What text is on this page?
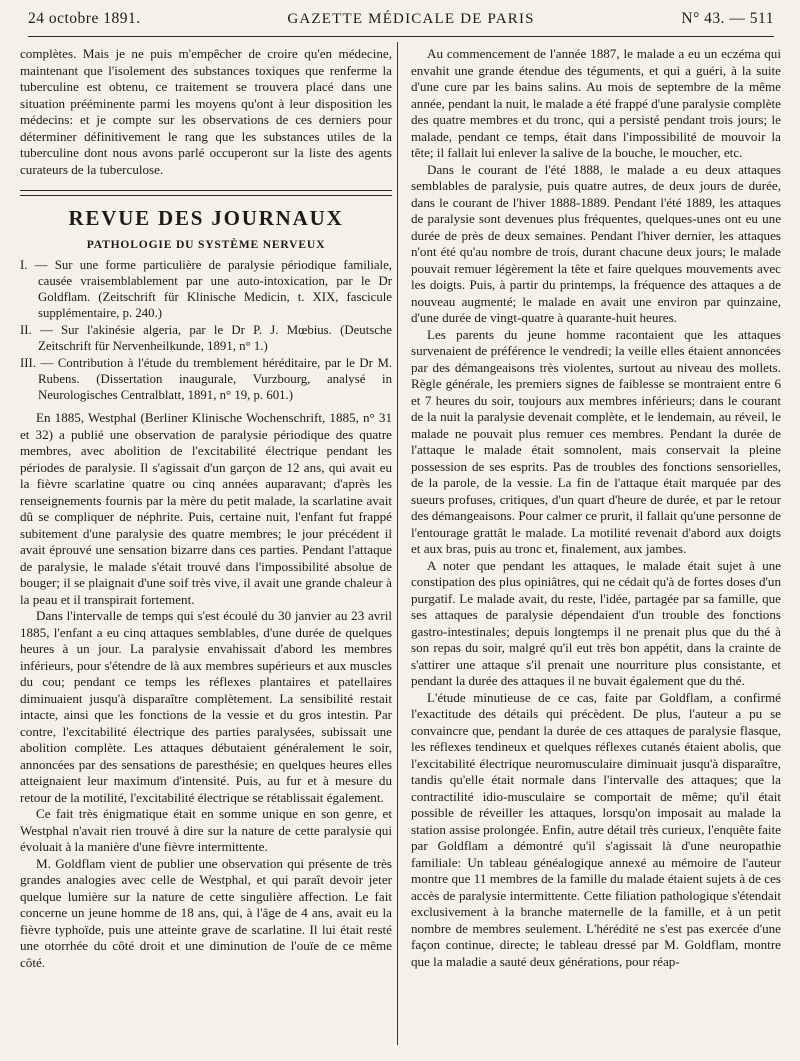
24 octobre 1891.	GAZETTE MÉDICALE DE PARIS	N° 43. — 511

complètes. Mais je ne puis m'empêcher de croire qu'en médecine, maintenant que l'isolement des substances toxiques que renferme la tuberculine est obtenu, ce traitement se trouvera placé dans une situation prééminente parmi les moyens qu'ont à leur disposition les médecins: et je compte sur les observations de ces derniers pour déterminer définitivement le rang que les substances utiles de la tuberculine dont nous avons parlé occuperont sur la liste des agents curateurs de la tuberculose.

REVUE DES JOURNAUX
PATHOLOGIE DU SYSTÈME NERVEUX
I. — Sur une forme particulière de paralysie périodique familiale, causée vraisemblablement par une auto-intoxication, par le Dr Goldflam. (Zeitschrift für Klinische Medicin, t. XIX, fascicule supplémentaire, p. 240.)
II. — Sur l'akinésie algeria, par le Dr P. J. Mœbius. (Deutsche Zeitschrift für Nervenheilkunde, 1891, n° 1.)
III. — Contribution à l'étude du tremblement héréditaire, par le Dr M. Rubens. (Dissertation inaugurale, Vurzbourg, analysé in Neurologisches Centralblatt, 1891, n° 19, p. 601.)

En 1885, Westphal (Berliner Klinische Wochenschrift, 1885, n° 31 et 32) a publié une observation de paralysie périodique des quatre membres, avec abolition de l'excitabilité électrique pendant les périodes de paralysie. Il s'agissait d'un garçon de 12 ans, qui avait eu la fièvre scarlatine quatre ou cinq années auparavant; d'après les renseignements fournis par la mère du petit malade, la scarlatine avait dû se compliquer de néphrite. Puis, certaine nuit, l'enfant fut frappé subitement d'une paralysie des quatre membres; le jour précédent il avait éprouvé une sensation bizarre dans ces parties. Pendant l'attaque de paralysie, le malade s'était trouvé dans l'impossibilité absolue de bouger; il se plaignait d'une soif très vive, il avait une grande chaleur à la peau et il transpirait fortement.

Dans l'intervalle de temps qui s'est écoulé du 30 janvier au 23 avril 1885, l'enfant a eu cinq attaques semblables, d'une durée de quelques heures à un jour. La paralysie envahissait d'abord les membres inférieurs, pour s'étendre de là aux membres supérieurs et aux muscles du cou; pendant ce temps les réflexes plantaires et patellaires diminuaient jusqu'à disparaître complètement. La sensibilité restait intacte, ainsi que les fonctions de la vessie et du gros intestin. Par contre, l'excitabilité électrique des parties paralysées, subissait une abolition complète. Les attaques débutaient généralement le soir, annoncées par des sensations de paresthésie; en quelques heures elles atteignaient leur maximum d'intensité. Puis, au fur et à mesure du retour de la motilité, l'excitabilité électrique se rétablissait également.

Ce fait très énigmatique était en somme unique en son genre, et Westphal n'avait rien trouvé à dire sur la nature de cette paralysie qui évoluait à la manière d'une fièvre intermittente.

M. Goldflam vient de publier une observation qui présente de très grandes analogies avec celle de Westphal, et qui paraît devoir jeter quelque lumière sur la nature de cette singulière affection. Le fait concerne un jeune homme de 18 ans, qui, à l'âge de 4 ans, avait eu la fièvre typhoïde, puis une atteinte grave de scarlatine. Il lui était resté une otorrhée du côté droit et une diminution de l'ouïe de ce même côté.

Au commencement de l'année 1887, le malade a eu un eczéma qui envahit une grande étendue des téguments, et qui a guéri, à la suite d'une cure par les bains salins. Au mois de septembre de la même année, pendant la nuit, le malade a été frappé d'une paralysie complète des quatre membres et du tronc, qui a persisté pendant trois jours; le malade, pendant ce temps, était dans l'impossibilité de mouvoir la tête; il fallait lui enlever la salive de la bouche, le moucher, etc.

Dans le courant de l'été 1888, le malade a eu deux attaques semblables de paralysie, puis quatre autres, de deux jours de durée, dans le courant de l'hiver 1888-1889. Pendant l'été 1889, les attaques de paralysie sont devenues plus fréquentes, quelques-unes ont eu une durée de près de deux semaines. Pendant l'hiver dernier, les attaques n'ont été qu'au nombre de trois, durant chacune deux jours; le malade pouvait remuer légèrement la tête et faire quelques mouvements avec les doigts. Puis, à partir du printemps, la fréquence des attaques a de nouveau augmenté; le malade en avait une environ par quinzaine, d'une durée de vingt-quatre à quarante-huit heures.

Les parents du jeune homme racontaient que les attaques survenaient de préférence le vendredi; la veille elles étaient annoncées par des démangeaisons très violentes, surtout au niveau des mollets. Règle générale, les premiers signes de faiblesse se montraient entre 6 et 7 heures du soir, toujours aux membres inférieurs; dans le courant de la nuit la paralysie devenait complète, et le lendemain, au réveil, le malade ne pouvait plus remuer ces membres. Pendant la durée de l'attaque le malade était somnolent, mais conservait la pleine possession de ses esprits. Pas de troubles des fonctions sensorielles, de la parole, de la vessie. La fin de l'attaque était marquée par des sueurs profuses, critiques, d'un quart d'heure de durée, et par le retour des démangeaisons. Pour calmer ce prurit, il fallait qu'une personne de l'entourage grattât le malade. La motilité revenait d'abord aux doigts et aux bras, puis au tronc et, finalement, aux jambes.

A noter que pendant les attaques, le malade était sujet à une constipation des plus opiniâtres, qui ne cédait qu'à de fortes doses d'un purgatif. Le malade avait, du reste, l'idée, partagée par sa famille, que ses attaques de paralysie dépendaient d'un trouble des fonctions gastro-intestinales; depuis longtemps il ne prenait plus que du thé à son repas du soir, malgré qu'il eut très bon appétit, dans la crainte de s'attirer une attaque s'il prenait une nourriture plus consistante, et pendant la durée des attaques il ne buvait également que du thé.

L'étude minutieuse de ce cas, faite par Goldflam, a confirmé l'exactitude des détails qui précèdent. De plus, l'auteur a pu se convaincre que, pendant la durée de ces attaques de paralysie flasque, les réflexes tendineux et quelques réflexes cutanés étaient abolis, que l'excitabilité électrique neuromusculaire diminuait jusqu'à disparaître, tandis qu'elle était normale dans l'intervalle des attaques; que la contractilité idio-musculaire se comportait de même; qu'il était possible de réveiller les attaques, lorsqu'on imposait au malade la station assise prolongée. Enfin, autre détail très curieux, l'enquête faite par Goldflam a démontré qu'il s'agissait là d'une neuropathie familiale: Un tableau généalogique annexé au mémoire de l'auteur montre que 11 membres de la famille du malade étaient sujets à de ces accès de paralysie intermittente. Cette filiation pathologique s'étendait exclusivement à la branche maternelle de la famille, et à un petit nombre de membres seulement. L'hérédité ne s'est pas exercée d'une façon continue, directe; le tableau dressé par M. Goldflam, montre que la maladie a sauté deux générations, pour réap-
